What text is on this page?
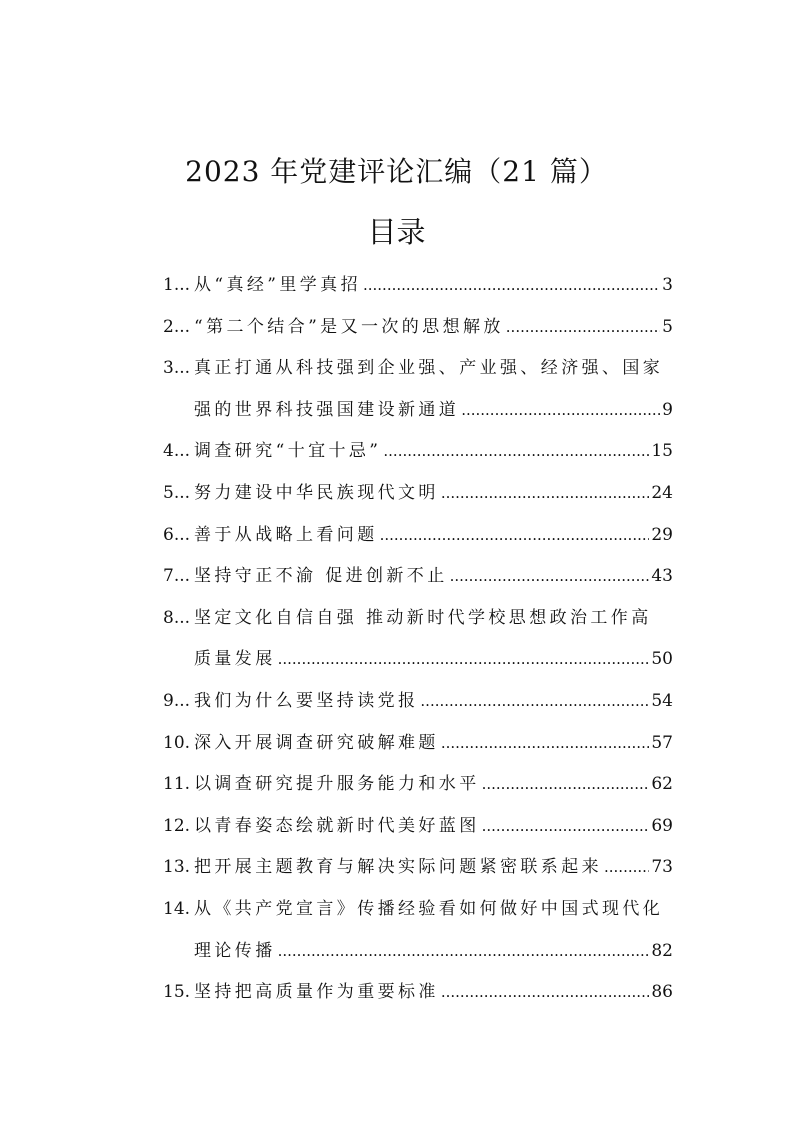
2023 年党建评论汇编（21 篇）
目录
1... 从“真经”里学真招 .....	3
2... “第二个结合”是又一次的思想解放 .....	5
3... 真正打通从科技强到企业强、产业强、经济强、国家
强的世界科技强国建设新通道 .....	9
4... 调查研究“十宜十忌” .....	15
5... 努力建设中华民族现代文明 .....	24
6... 善于从战略上看问题 .....	29
7... 坚持守正不渝 促进创新不止 .....	43
8... 坚定文化自信自强 推动新时代学校思想政治工作高
质量发展 .....	50
9... 我们为什么要坚持读党报 .....	54
10. 深入开展调查研究破解难题 .....	57
11. 以调查研究提升服务能力和水平 .....	62
12. 以青春姿态绘就新时代美好蓝图 .....	69
13. 把开展主题教育与解决实际问题紧密联系起来 .....	73
14. 从《共产党宣言》传播经验看如何做好中国式现代化
理论传播 .....	82
15. 坚持把高质量作为重要标准 .....	86
